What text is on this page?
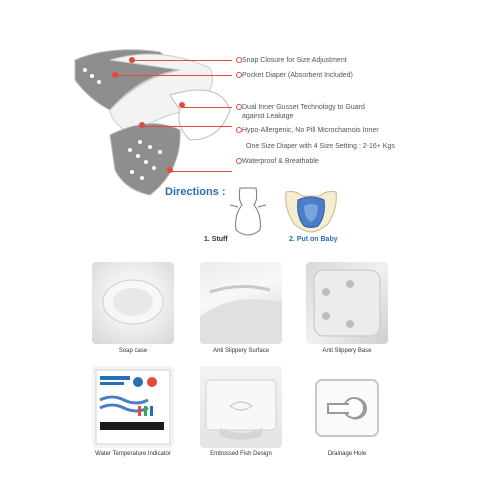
Snap Closure for Size Adjustment
Pocket Diaper (Absorbent Included)
Dual Inner Gusset Technology to Guard
against Leakage
Hypo-Allergenic, No Pill Microchamois Inner
One Size Diaper with 4 Size Setting : 2-16+ Kgs
Waterproof & Breathable
Directions :
1. Stuff	2. Put on Baby
Soap case	Anti Slippery Surface	Anti Slippery Base
Water Temperature Indicator	Embossed Fish Design	Drainage Hole
